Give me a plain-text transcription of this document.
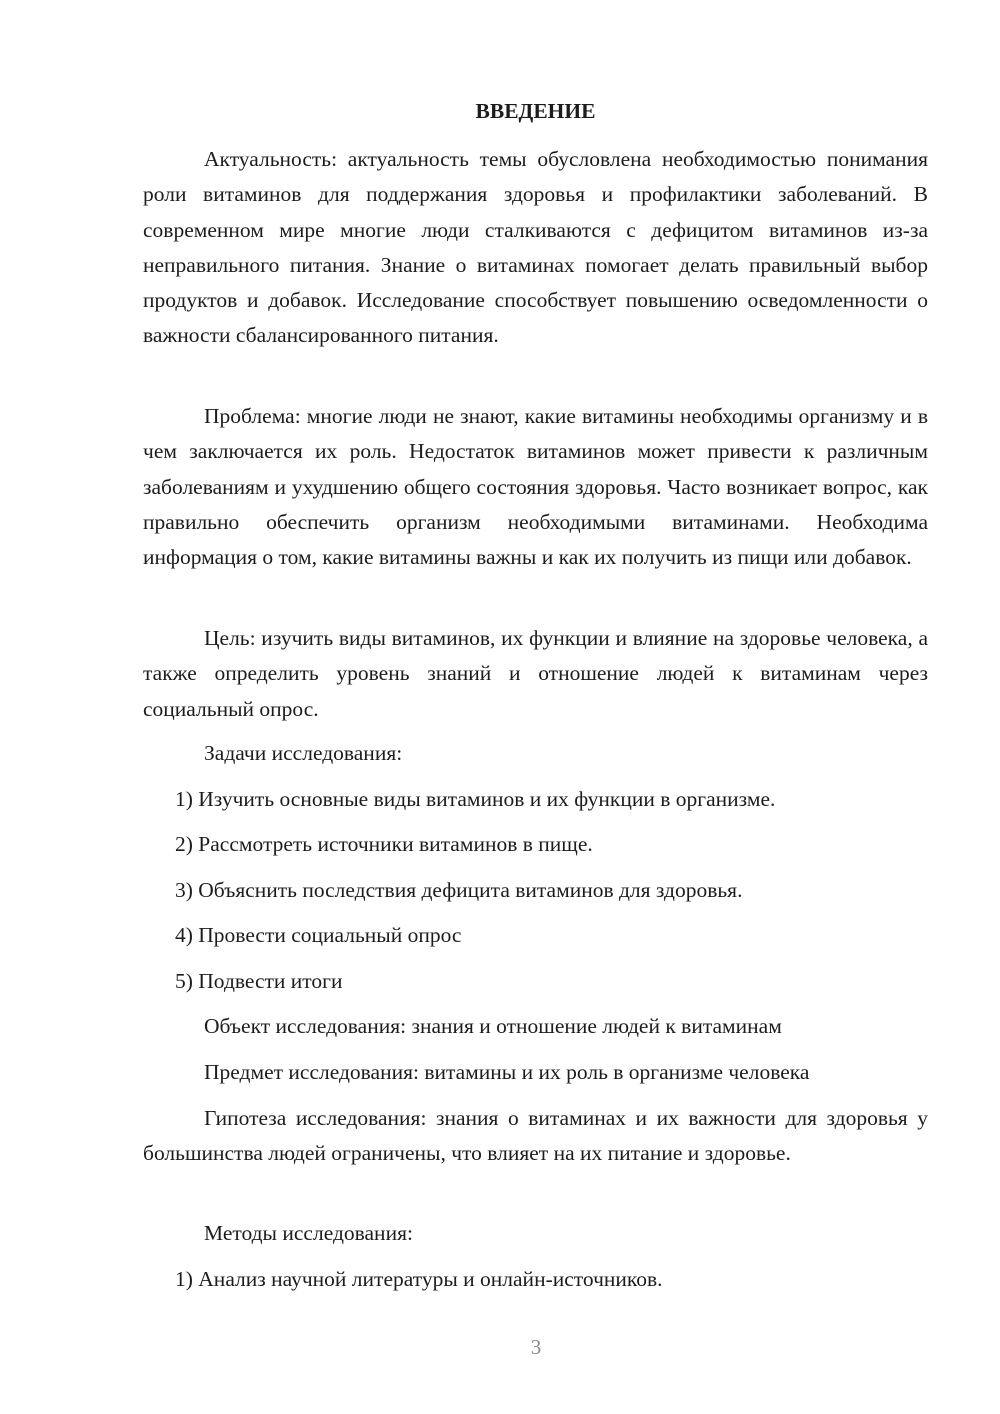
ВВЕДЕНИЕ

Актуальность: актуальность темы обусловлена необходимостью понимания роли витаминов для поддержания здоровья и профилактики заболеваний. В современном мире многие люди сталкиваются с дефицитом витаминов из-за неправильного питания. Знание о витаминах помогает делать правильный выбор продуктов и добавок. Исследование способствует повышению осведомленности о важности сбалансированного питания.

Проблема: многие люди не знают, какие витамины необходимы организму и в чем заключается их роль. Недостаток витаминов может привести к различным заболеваниям и ухудшению общего состояния здоровья. Часто возникает вопрос, как правильно обеспечить организм необходимыми витаминами. Необходима информация о том, какие витамины важны и как их получить из пищи или добавок.

Цель: изучить виды витаминов, их функции и влияние на здоровье человека, а также определить уровень знаний и отношение людей к витаминам через социальный опрос.

Задачи исследования:
1) Изучить основные виды витаминов и их функции в организме.
2) Рассмотреть источники витаминов в пище.
3) Объяснить последствия дефицита витаминов для здоровья.
4) Провести социальный опрос
5) Подвести итоги
Объект исследования: знания и отношение людей к витаминам
Предмет исследования: витамины и их роль в организме человека

Гипотеза исследования: знания о витаминах и их важности для здоровья у большинства людей ограничены, что влияет на их питание и здоровье.

Методы исследования:
1) Анализ научной литературы и онлайн-источников.
3
